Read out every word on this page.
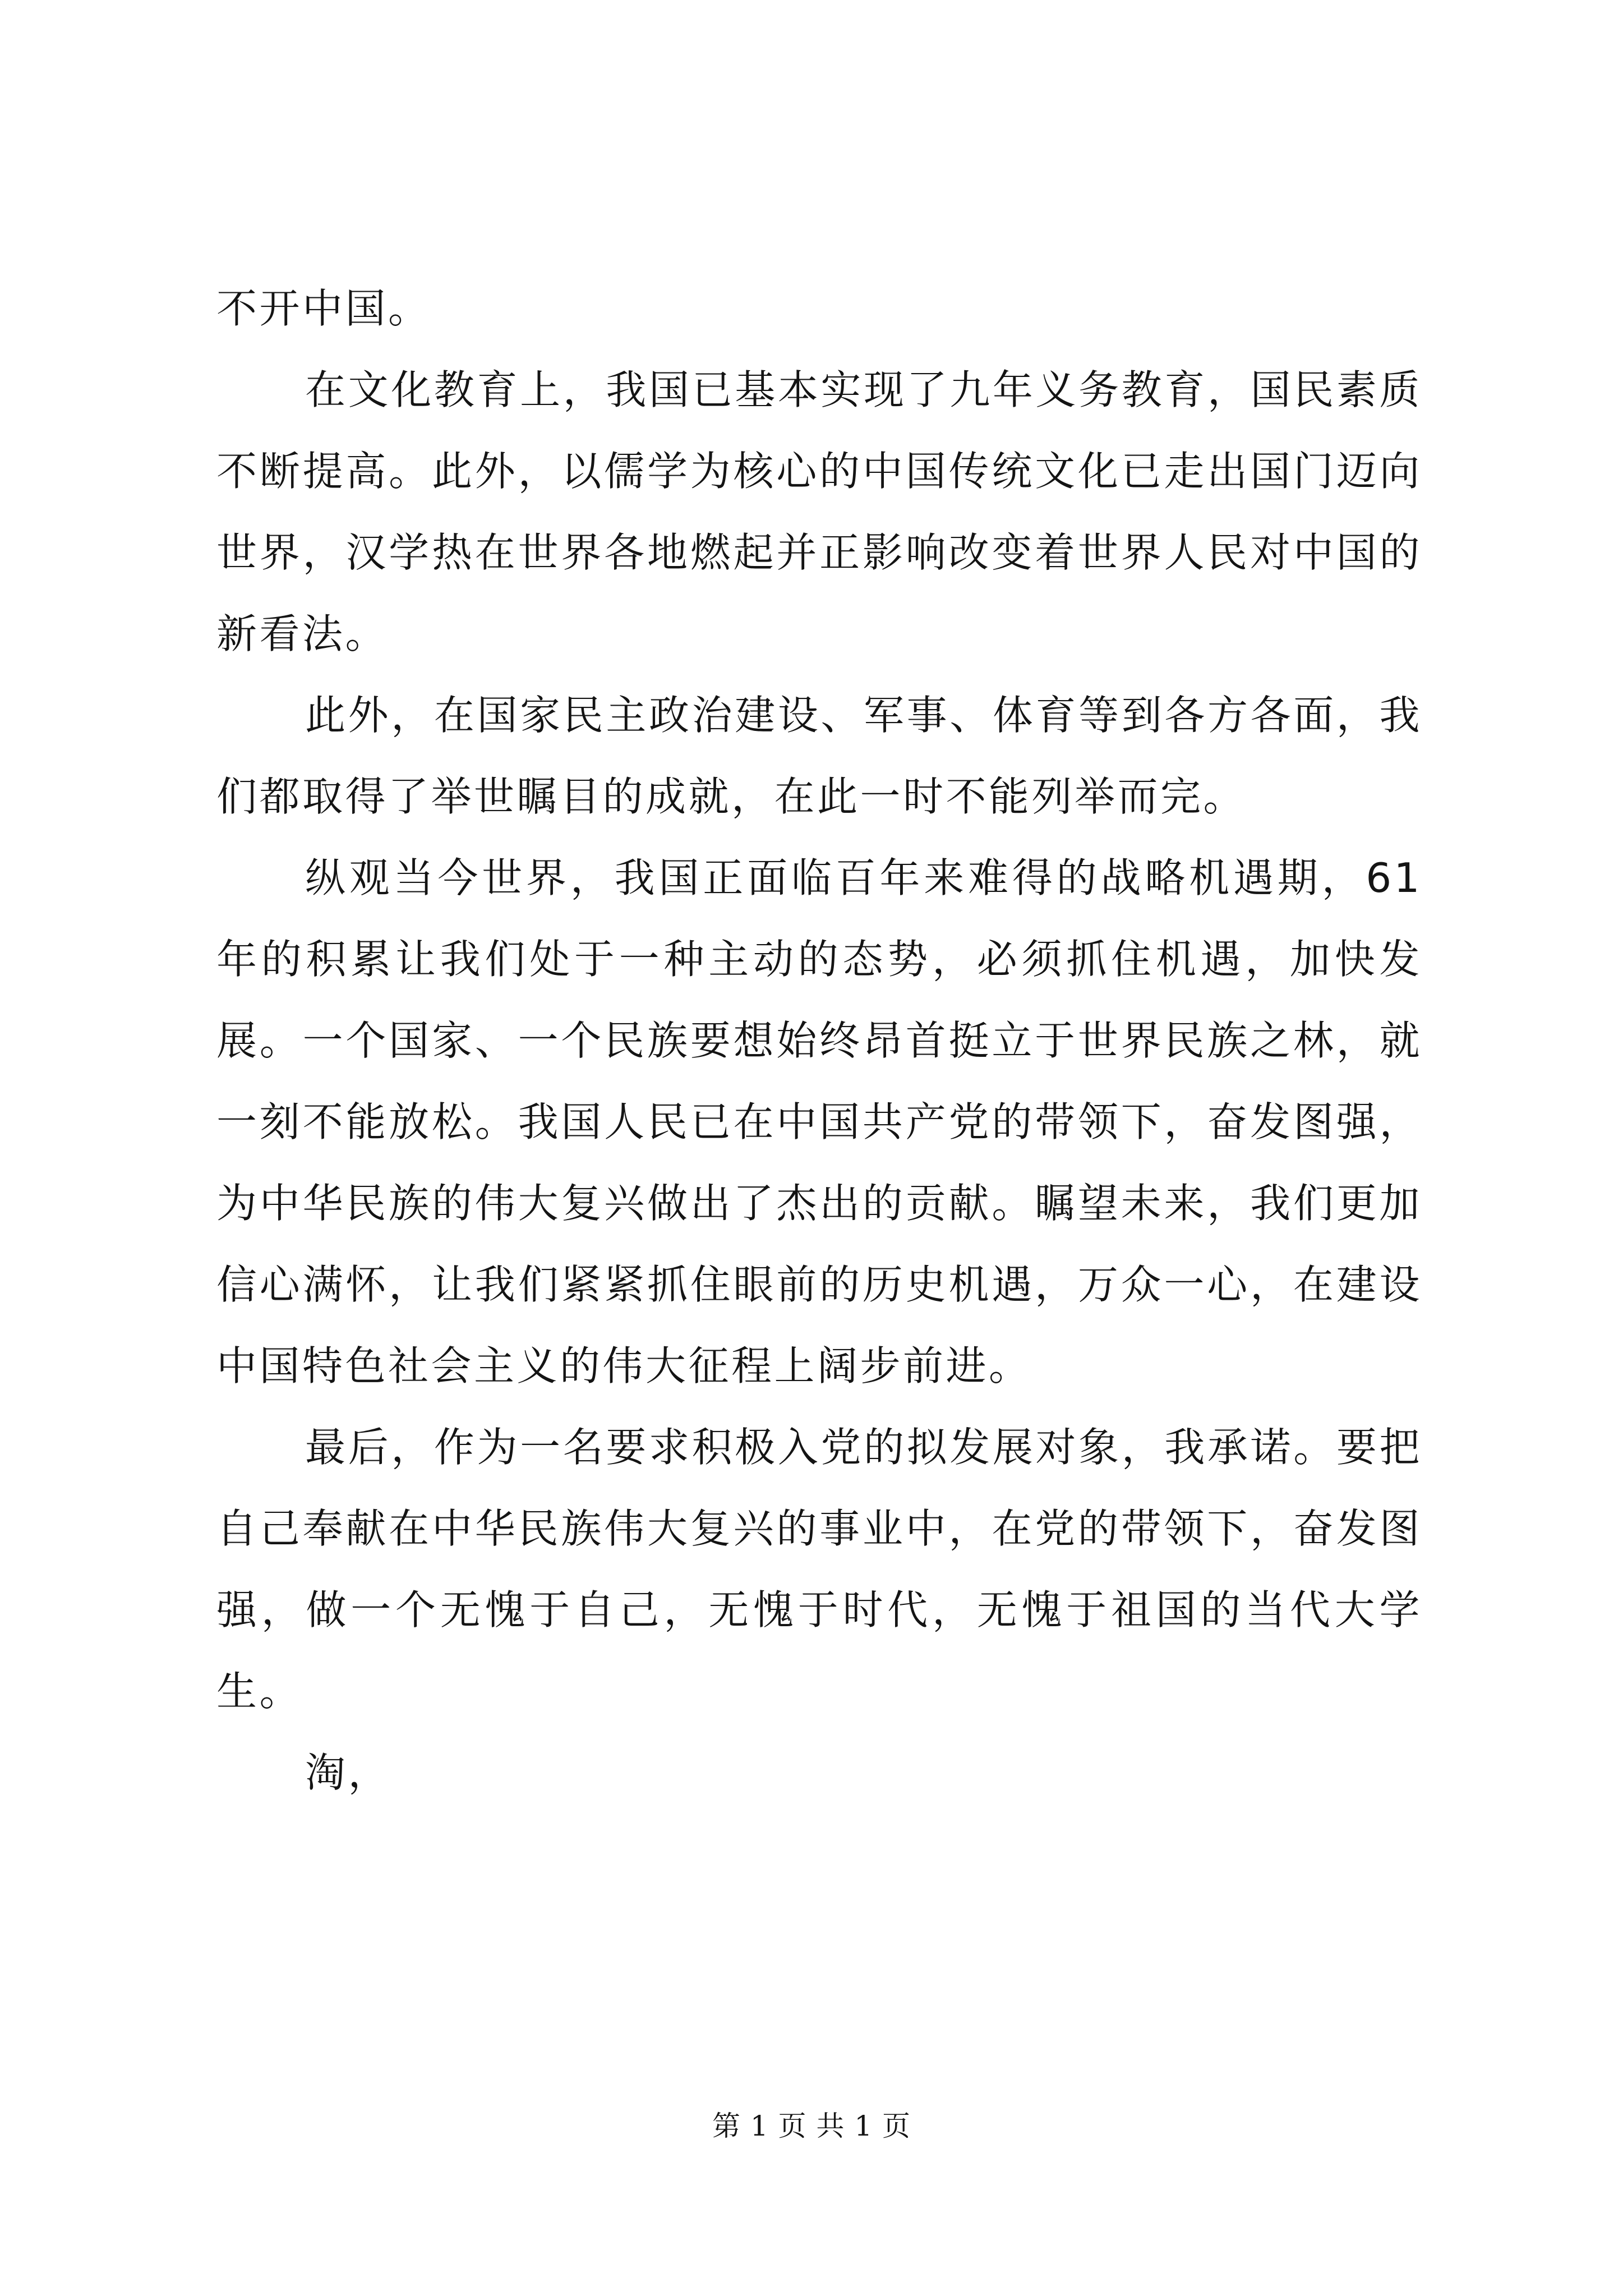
不开中国。

在文化教育上，我国已基本实现了九年义务教育，国民素质不断提高。此外，以儒学为核心的中国传统文化已走出国门迈向世界，汉学热在世界各地燃起并正影响改变着世界人民对中国的新看法。

此外，在国家民主政治建设、军事、体育等到各方各面，我们都取得了举世瞩目的成就，在此一时不能列举而完。

纵观当今世界，我国正面临百年来难得的战略机遇期，61年的积累让我们处于一种主动的态势，必须抓住机遇，加快发展。一个国家、一个民族要想始终昂首挺立于世界民族之林，就一刻不能放松。我国人民已在中国共产党的带领下，奋发图强，为中华民族的伟大复兴做出了杰出的贡献。瞩望未来，我们更加信心满怀，让我们紧紧抓住眼前的历史机遇，万众一心，在建设中国特色社会主义的伟大征程上阔步前进。

最后，作为一名要求积极入党的拟发展对象，我承诺。要把自己奉献在中华民族伟大复兴的事业中，在党的带领下，奋发图强，做一个无愧于自己，无愧于时代，无愧于祖国的当代大学生。

淘，

第 1 页 共 1 页
